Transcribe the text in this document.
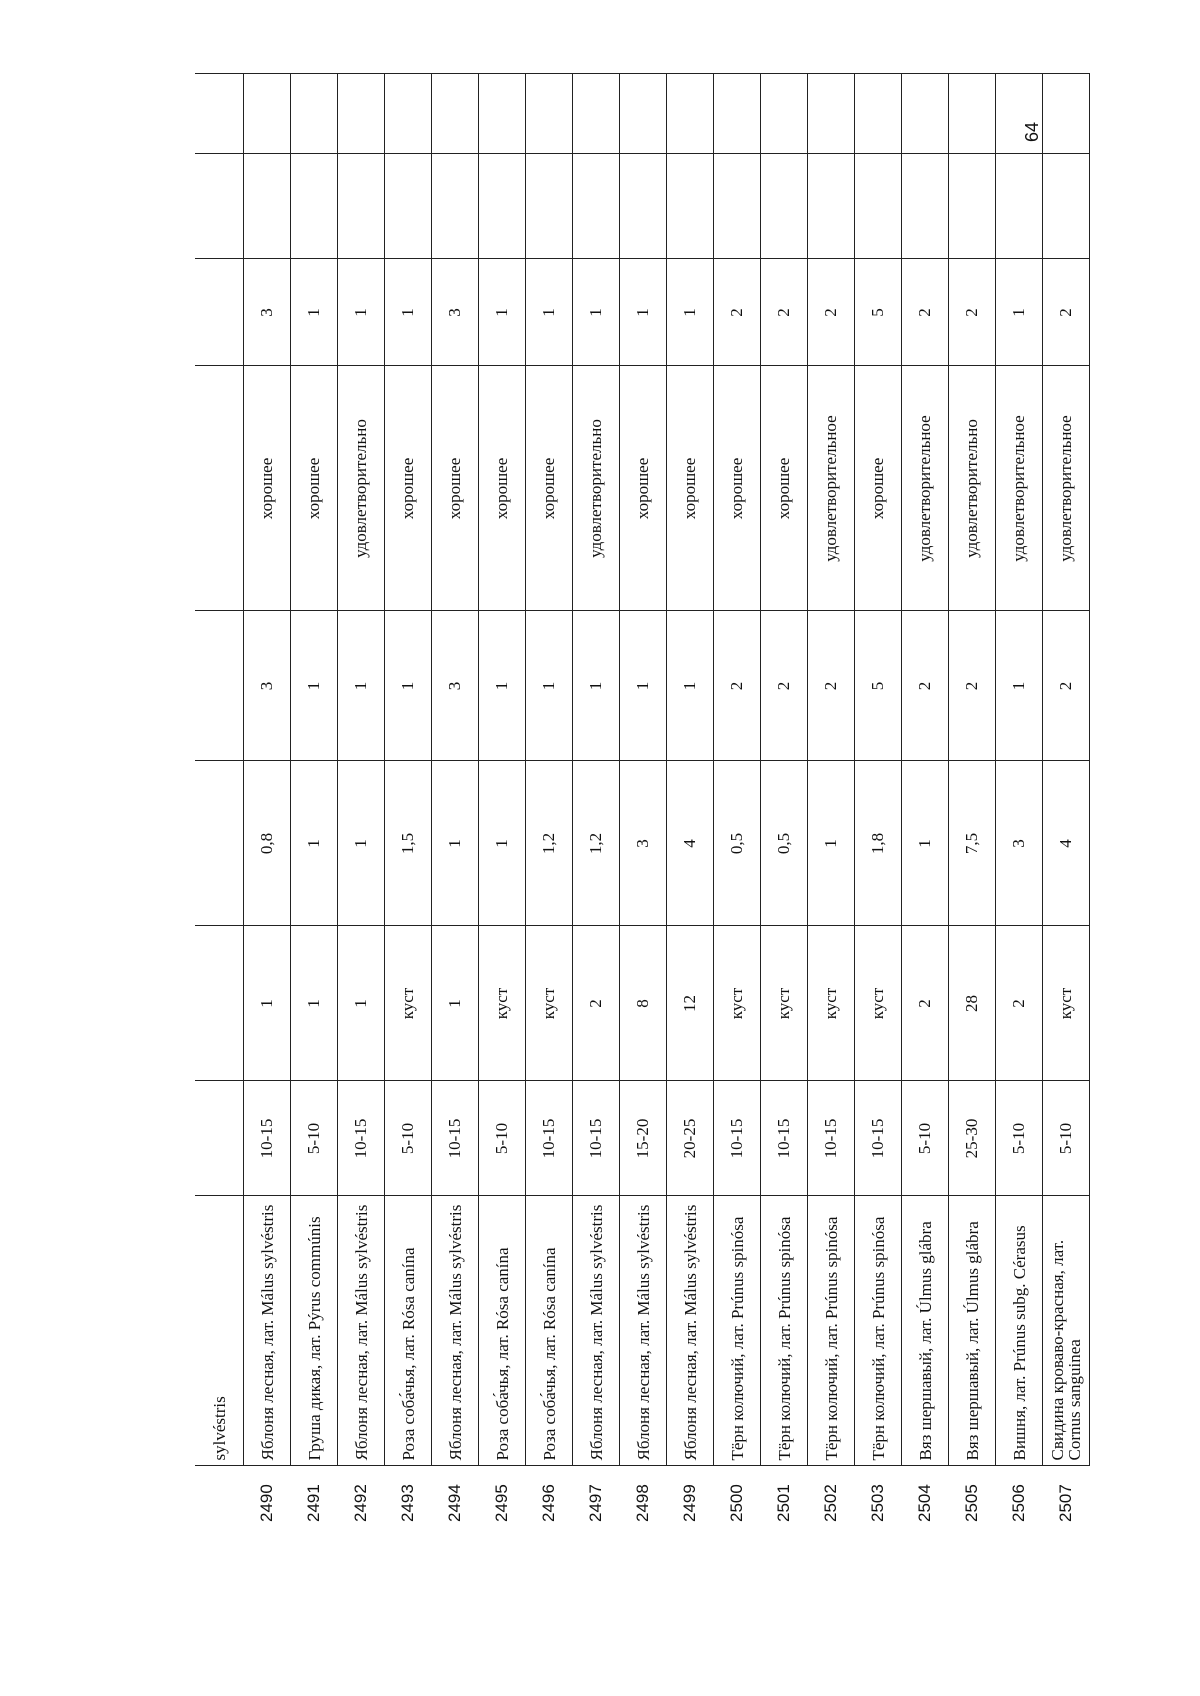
	sylvéstris								
2490	Яблоня лесная, лат. Málus sylvéstris	10-15	1	0,8	3	хорошее	3		
2491	Груша дикая, лат. Pýrus commúnis	5-10	1	1	1	хорошее	1		
2492	Яблоня лесная, лат. Málus sylvéstris	10-15	1	1	1	удовлетворительно	1		
2493	Роза соба́чья, лат. Rósa canína	5-10	куст	1,5	1	хорошее	1		
2494	Яблоня лесная, лат. Málus sylvéstris	10-15	1	1	3	хорошее	3		
2495	Роза соба́чья, лат. Rósa canína	5-10	куст	1	1	хорошее	1		
2496	Роза соба́чья, лат. Rósa canína	10-15	куст	1,2	1	хорошее	1		
2497	Яблоня лесная, лат. Málus sylvéstris	10-15	2	1,2	1	удовлетворительно	1		
2498	Яблоня лесная, лат. Málus sylvéstris	15-20	8	3	1	хорошее	1		
2499	Яблоня лесная, лат. Málus sylvéstris	20-25	12	4	1	хорошее	1		
2500	Тёрн колючий, лат. Prúnus spinósa	10-15	куст	0,5	2	хорошее	2		
2501	Тёрн колючий, лат. Prúnus spinósa	10-15	куст	0,5	2	хорошее	2		
2502	Тёрн колючий, лат. Prúnus spinósa	10-15	куст	1	2	удовлетворительное	2		
2503	Тёрн колючий, лат. Prúnus spinósa	10-15	куст	1,8	5	хорошее	5		
2504	Вяз шершавый, лат. Úlmus glábra	5-10	2	1	2	удовлетворительное	2		
2505	Вяз шершавый, лат. Úlmus glábra	25-30	28	7,5	2	удовлетворительно	2		
2506	Вишня, лат. Prúnus subg. Cérasus	5-10	2	3	1	удовлетворительное	1		
2507	Свидина кроваво-красная, лат. Cornus sanguinea	5-10	куст	4	2	удовлетворительное	2		
64
